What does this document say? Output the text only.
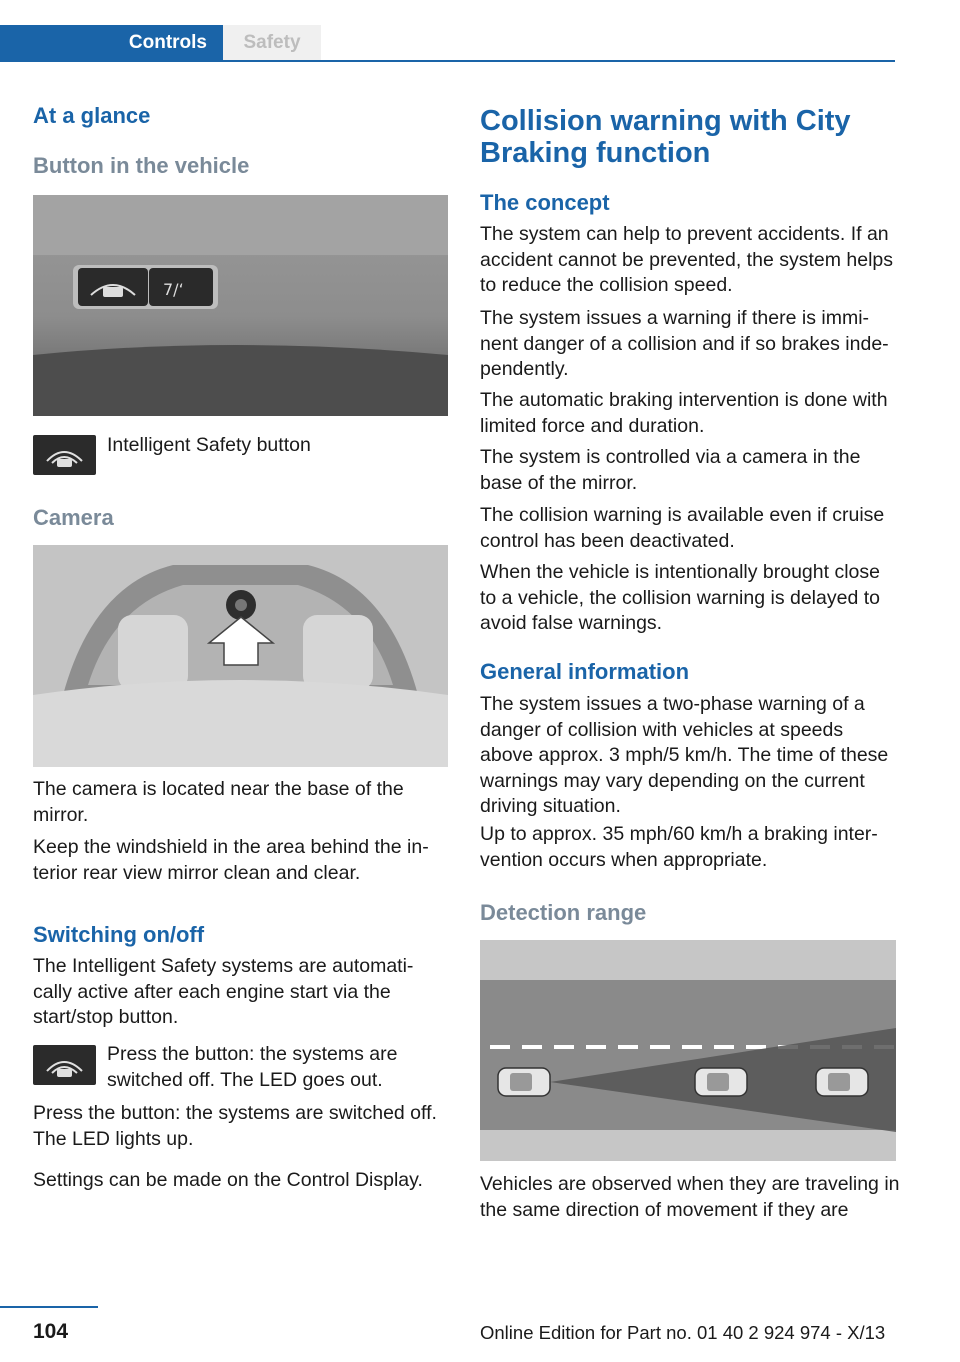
Controls	Safety
At a glance
Button in the vehicle
7/‘
Intelligent Safety button
Camera

The camera is located near the base of the mirror.

Keep the windshield in the area behind the in‐terior rear view mirror clean and clear.

Switching on/off

The Intelligent Safety systems are automati‐cally active after each engine start via the start/stop button.

Press the button: the systems are switched off. The LED goes out.

Press the button: the systems are switched off. The LED lights up.

Settings can be made on the Control Display.

Collision warning with City Braking function
The concept

The system can help to prevent accidents. If an accident cannot be prevented, the system helps to reduce the collision speed.

The system issues a warning if there is immi‐nent danger of a collision and if so brakes inde‐pendently.

The automatic braking intervention is done with limited force and duration.

The system is controlled via a camera in the base of the mirror.

The collision warning is available even if cruise control has been deactivated.

When the vehicle is intentionally brought close to a vehicle, the collision warning is delayed to avoid false warnings.

General information

The system issues a two-phase warning of a danger of collision with vehicles at speeds above approx. 3 mph/5 km/h. The time of these warnings may vary depending on the current driving situation.

Up to approx. 35 mph/60 km/h a braking inter‐vention occurs when appropriate.

Detection range

Vehicles are observed when they are traveling in the same direction of movement if they are

104	Online Edition for Part no. 01 40 2 924 974 - X/13
